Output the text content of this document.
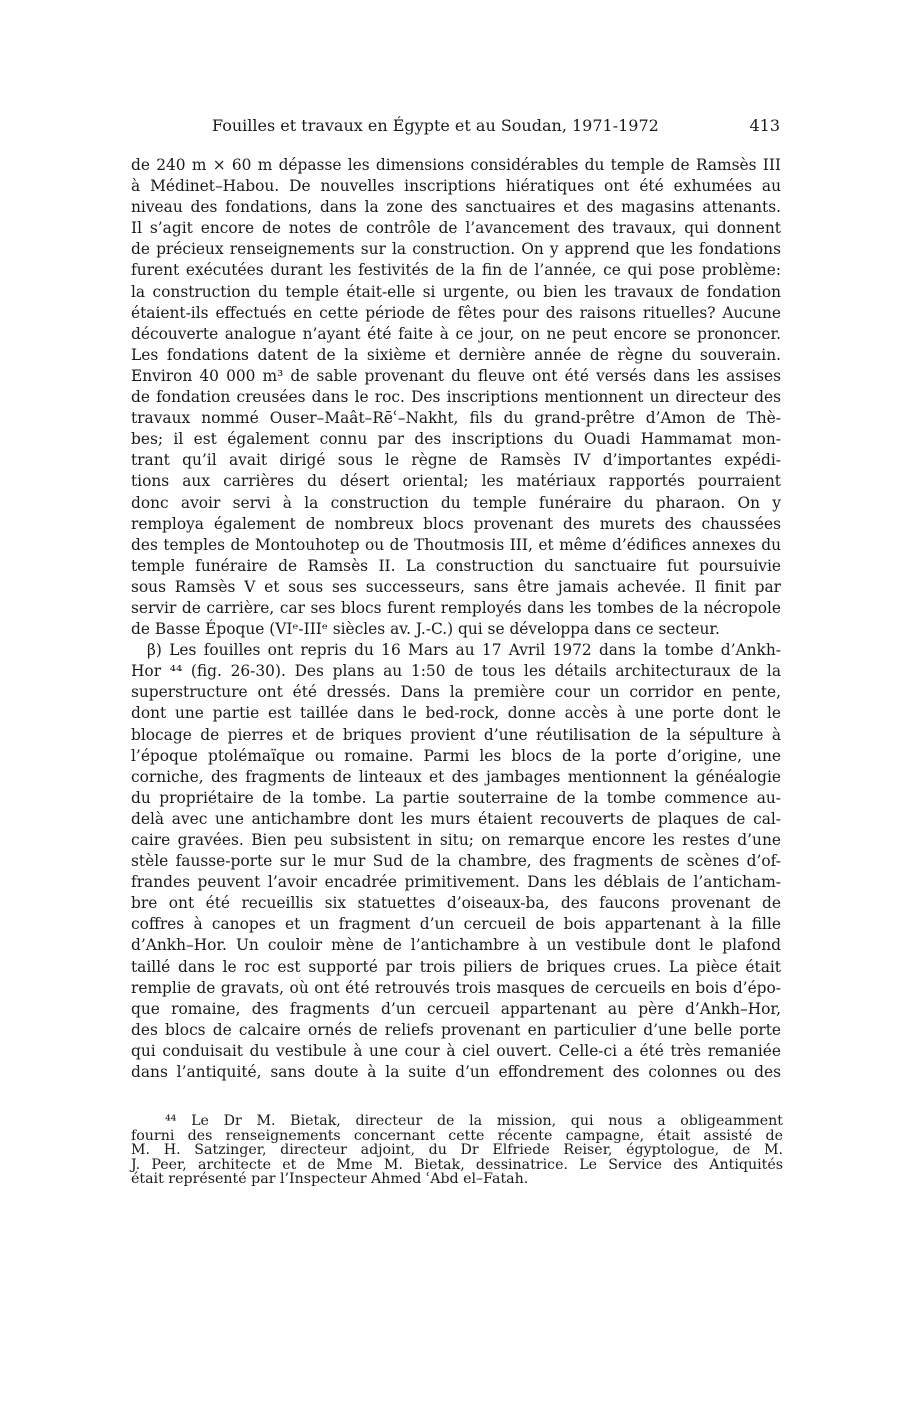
Fouilles et travaux en Égypte et au Soudan, 1971-1972	413
de 240 m × 60 m dépasse les dimensions considérables du temple de Ramsès III
à Médinet–Habou. De nouvelles inscriptions hiératiques ont été exhumées au
niveau des fondations, dans la zone des sanctuaires et des magasins attenants.
Il s’agit encore de notes de contrôle de l’avancement des travaux, qui donnent
de précieux renseignements sur la construction. On y apprend que les fondations
furent exécutées durant les festivités de la fin de l’année, ce qui pose problème:
la construction du temple était-elle si urgente, ou bien les travaux de fondation
étaient-ils effectués en cette période de fêtes pour des raisons rituelles? Aucune
découverte analogue n’ayant été faite à ce jour, on ne peut encore se prononcer.
Les fondations datent de la sixième et dernière année de règne du souverain.
Environ 40 000 m³ de sable provenant du fleuve ont été versés dans les assises
de fondation creusées dans le roc. Des inscriptions mentionnent un directeur des
travaux nommé Ouser–Maât–Rēʿ–Nakht, fils du grand-prêtre d’Amon de Thè-
bes; il est également connu par des inscriptions du Ouadi Hammamat mon-
trant qu’il avait dirigé sous le règne de Ramsès IV d’importantes expédi-
tions aux carrières du désert oriental; les matériaux rapportés pourraient
donc avoir servi à la construction du temple funéraire du pharaon. On y
remploya également de nombreux blocs provenant des murets des chaussées
des temples de Montouhotep ou de Thoutmosis III, et même d’édifices annexes du
temple funéraire de Ramsès II. La construction du sanctuaire fut poursuivie
sous Ramsès V et sous ses successeurs, sans être jamais achevée. Il finit par
servir de carrière, car ses blocs furent remployés dans les tombes de la nécropole
de Basse Époque (VIᵉ-IIIᵉ siècles av. J.-C.) qui se développa dans ce secteur.
β) Les fouilles ont repris du 16 Mars au 17 Avril 1972 dans la tombe d’Ankh-
Hor ⁴⁴ (fig. 26-30). Des plans au 1:50 de tous les détails architecturaux de la
superstructure ont été dressés. Dans la première cour un corridor en pente,
dont une partie est taillée dans le bed-rock, donne accès à une porte dont le
blocage de pierres et de briques provient d’une réutilisation de la sépulture à
l’époque ptolémaïque ou romaine. Parmi les blocs de la porte d’origine, une
corniche, des fragments de linteaux et des jambages mentionnent la généalogie
du propriétaire de la tombe. La partie souterraine de la tombe commence au-
delà avec une antichambre dont les murs étaient recouverts de plaques de cal-
caire gravées. Bien peu subsistent in situ; on remarque encore les restes d’une
stèle fausse-porte sur le mur Sud de la chambre, des fragments de scènes d’of-
frandes peuvent l’avoir encadrée primitivement. Dans les déblais de l’anticham-
bre ont été recueillis six statuettes d’oiseaux-ba, des faucons provenant de
coffres à canopes et un fragment d’un cercueil de bois appartenant à la fille
d’Ankh–Hor. Un couloir mène de l’antichambre à un vestibule dont le plafond
taillé dans le roc est supporté par trois piliers de briques crues. La pièce était
remplie de gravats, où ont été retrouvés trois masques de cercueils en bois d’épo-
que romaine, des fragments d’un cercueil appartenant au père d’Ankh–Hor,
des blocs de calcaire ornés de reliefs provenant en particulier d’une belle porte
qui conduisait du vestibule à une cour à ciel ouvert. Celle-ci a été très remaniée
dans l’antiquité, sans doute à la suite d’un effondrement des colonnes ou des
⁴⁴ Le Dr M. Bietak, directeur de la mission, qui nous a obligeamment
fourni des renseignements concernant cette récente campagne, était assisté de
M. H. Satzinger, directeur adjoint, du Dr Elfriede Reiser, égyptologue, de M.
J. Peer, architecte et de Mme M. Bietak, dessinatrice. Le Service des Antiquités
était représenté par l’Inspecteur Ahmed ʿAbd el–Fatah.
